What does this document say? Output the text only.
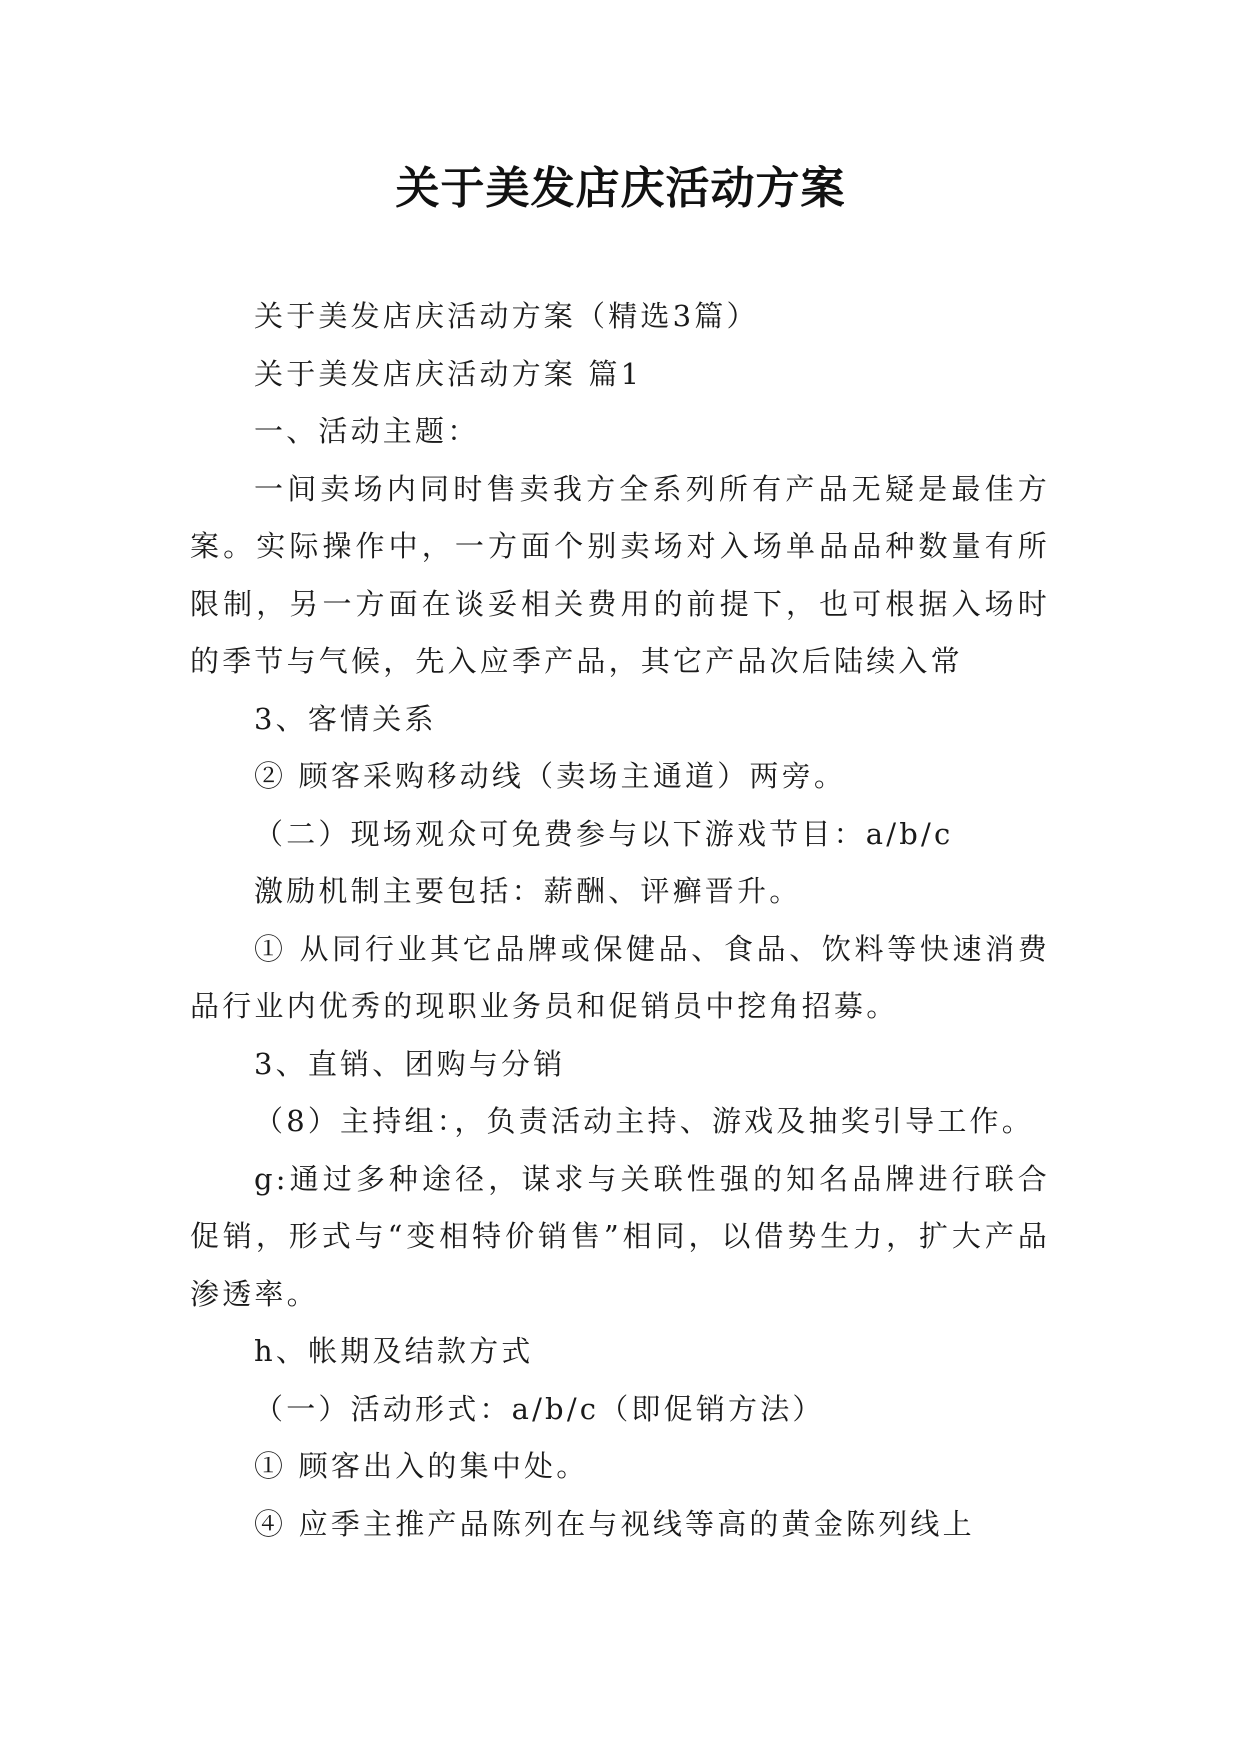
关于美发店庆活动方案

关于美发店庆活动方案（精选3篇）

关于美发店庆活动方案 篇1

一、活动主题：

一间卖场内同时售卖我方全系列所有产品无疑是最佳方案。实际操作中，一方面个别卖场对入场单品品种数量有所限制，另一方面在谈妥相关费用的前提下，也可根据入场时的季节与气候，先入应季产品，其它产品次后陆续入常

3、客情关系

② 顾客采购移动线（卖场主通道）两旁。

（二）现场观众可免费参与以下游戏节目：a/b/c

激励机制主要包括：薪酬、评癣晋升。

① 从同行业其它品牌或保健品、食品、饮料等快速消费品行业内优秀的现职业务员和促销员中挖角招募。

3、直销、团购与分销

（8）主持组：，负责活动主持、游戏及抽奖引导工作。

g:通过多种途径，谋求与关联性强的知名品牌进行联合促销，形式与“变相特价销售”相同，以借势生力，扩大产品渗透率。

h、帐期及结款方式

（一）活动形式：a/b/c（即促销方法）

① 顾客出入的集中处。

④ 应季主推产品陈列在与视线等高的黄金陈列线上
